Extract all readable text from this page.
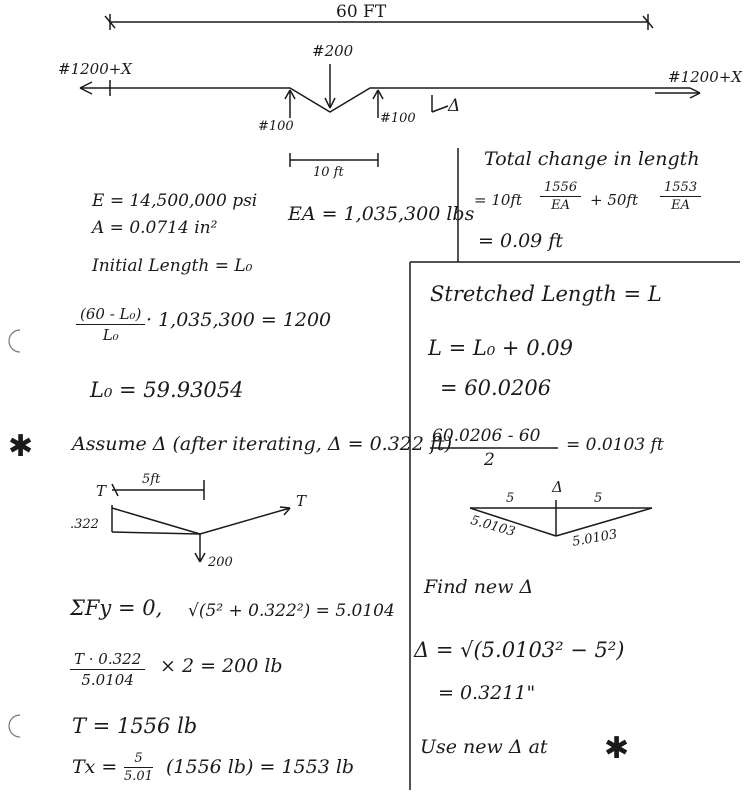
60 FT
#200
#1200+X	#1200+X
#100
#100
Δ
10 ft
E = 14,500,000 psi
A = 0.0714 in²
EA = 1,035,300 lbs
Initial Length = L₀
Total change in length
= $10ft \frac{1556}{EA} + 50ft \frac{1553}{EA}$
= 0.09 ft
$\frac{\text{(60 - L₀)}}{\text{L₀}} \cdot 1,035,300 = 1200$
L₀ = 59.93054
Stretched Length = L
L = L₀ + 0.09
= 60.0206
60.0206 - 60
2
= 0.0103 ft
✱ Assume Δ (after iterating, Δ = 0.322 ft)
T
5ft
T
.322
200
Δ
5	5
5.0103	5.0103
ΣFy = 0, √(5² + 0.322²) = 5.0104
$\frac{T \cdot 0.322}{5.0104} \times 2 = 200$ lb
T = 1556 lb
$Tx = \frac{5}{5.01} (1556$ lb) = 1553 lb
Find new Δ
Δ = √(5.0103² − 5²)
= 0.3211"
Use new Δ at ✱
